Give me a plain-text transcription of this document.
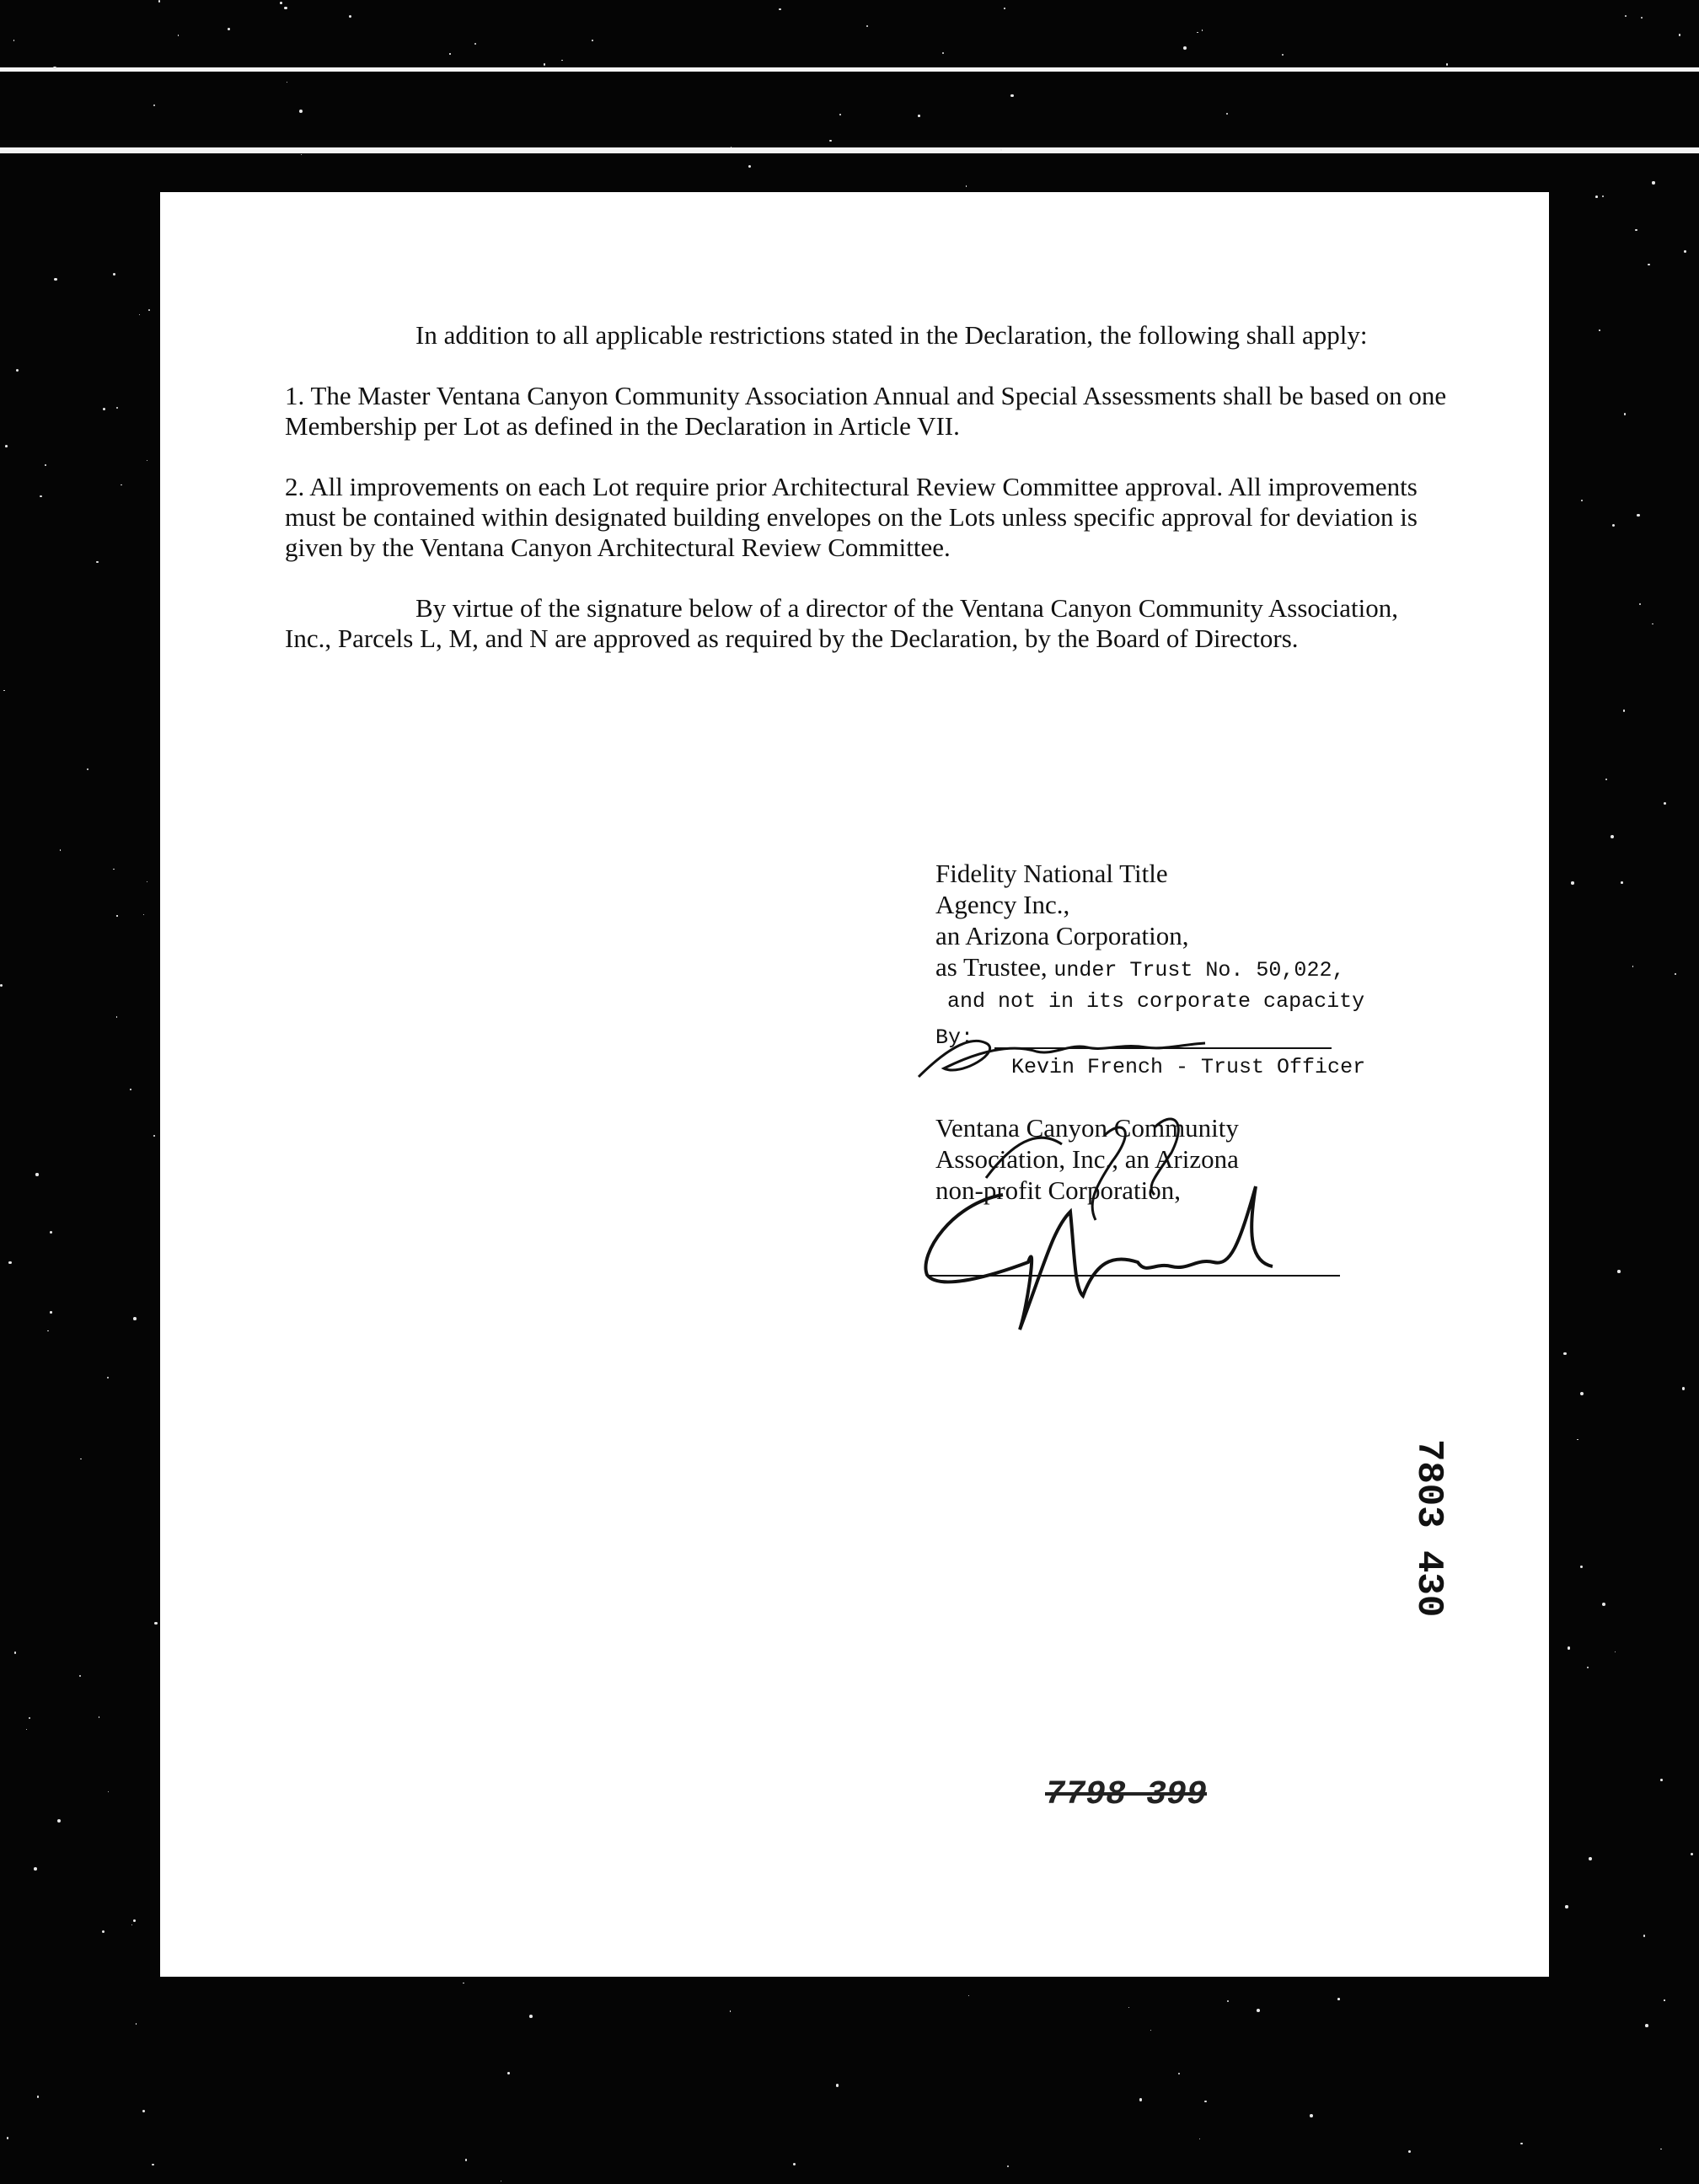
In addition to all applicable restrictions stated in the Declaration, the following shall apply:

1. The Master Ventana Canyon Community Association Annual and Special Assessments shall be based on one Membership per Lot as defined in the Declaration in Article VII.

2. All improvements on each Lot require prior Architectural Review Committee approval. All improvements must be contained within designated building envelopes on the Lots unless specific approval for deviation is given by the Ventana Canyon Architectural Review Committee.

By virtue of the signature below of a director of the Ventana Canyon Community Association, Inc., Parcels L, M, and N are approved as required by the Declaration, by the Board of Directors.

Fidelity National Title
Agency Inc.,
an Arizona Corporation,
as Trustee, under Trust No. 50,022,
and not in its corporate capacity
By:
Kevin French - Trust Officer
Ventana Canyon Community
Association, Inc., an Arizona
non-profit Corporation,
7803 430
7798 399
